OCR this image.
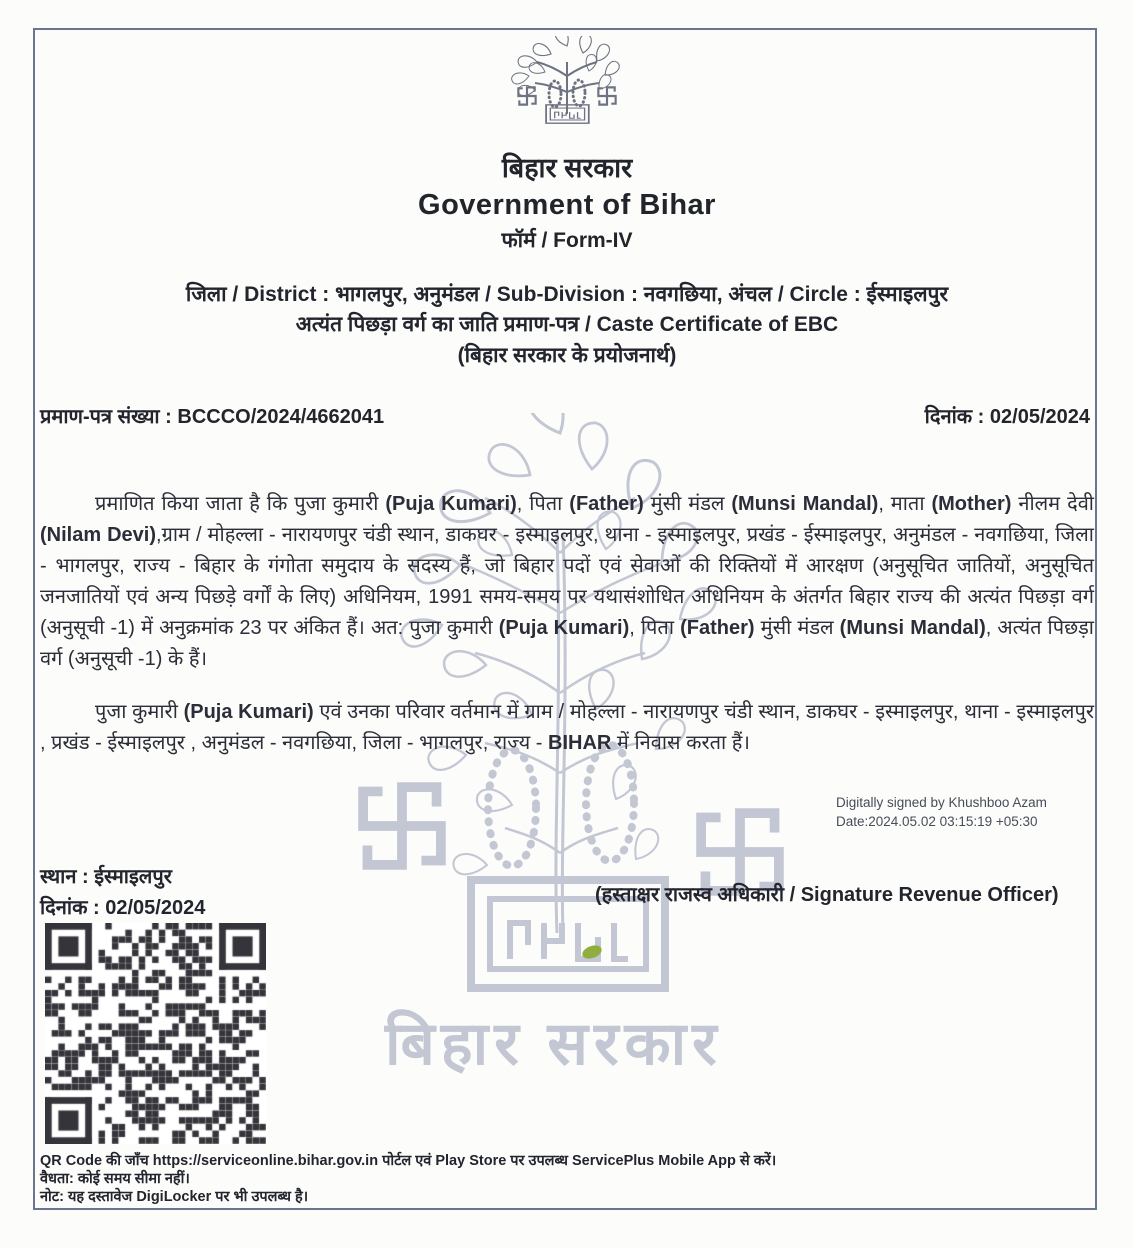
बिहार सरकार
बिहार सरकार
Government of Bihar
फॉर्म / Form-IV
जिला / District : भागलपुर, अनुमंडल / Sub-Division : नवगछिया, अंचल / Circle : ईस्माइलपुर
अत्यंत पिछड़ा वर्ग का जाति प्रमाण-पत्र / Caste Certificate of EBC
(बिहार सरकार के प्रयोजनार्थ)
प्रमाण-पत्र संख्या : BCCCO/2024/4662041	दिनांक : 02/05/2024
प्रमाणित किया जाता है कि पुजा कुमारी (Puja Kumari), पिता (Father) मुंसी मंडल (Munsi Mandal), माता (Mother) नीलम देवी (Nilam Devi),ग्राम / मोहल्ला - नारायणपुर चंडी स्थान, डाकघर - इस्माइलपुर, थाना - इस्माइलपुर, प्रखंड - ईस्माइलपुर, अनुमंडल - नवगछिया, जिला - भागलपुर, राज्य - बिहार के गंगोता समुदाय के सदस्य हैं, जो बिहार पदों एवं सेवाओं की रिक्तियों में आरक्षण (अनुसूचित जातियों, अनुसूचित जनजातियों एवं अन्य पिछड़े वर्गों के लिए) अधिनियम, 1991 समय-समय पर यथासंशोधित अधिनियम के अंतर्गत बिहार राज्य की अत्यंत पिछड़ा वर्ग (अनुसूची -1) में अनुक्रमांक 23 पर अंकित हैं। अत: पुजा कुमारी (Puja Kumari), पिता (Father) मुंसी मंडल (Munsi Mandal), अत्यंत पिछड़ा वर्ग (अनुसूची -1) के हैं।
पुजा कुमारी (Puja Kumari) एवं उनका परिवार वर्तमान में ग्राम / मोहल्ला - नारायणपुर चंडी स्थान, डाकघर - इस्माइलपुर, थाना - इस्माइलपुर , प्रखंड - ईस्माइलपुर , अनुमंडल - नवगछिया, जिला - भागलपुर, राज्य - BIHAR में निवास करता हैं।
Digitally signed by Khushboo Azam
Date:2024.05.02 03:15:19 +05:30
स्थान : ईस्माइलपुर
दिनांक : 02/05/2024
(हस्ताक्षर राजस्व अधिकारी / Signature Revenue Officer)
QR Code की जाँच https://serviceonline.bihar.gov.in पोर्टल एवं Play Store पर उपलब्ध ServicePlus Mobile App से करें।
वैधता: कोई समय सीमा नहीं।
नोट: यह दस्तावेज DigiLocker पर भी उपलब्ध है।
